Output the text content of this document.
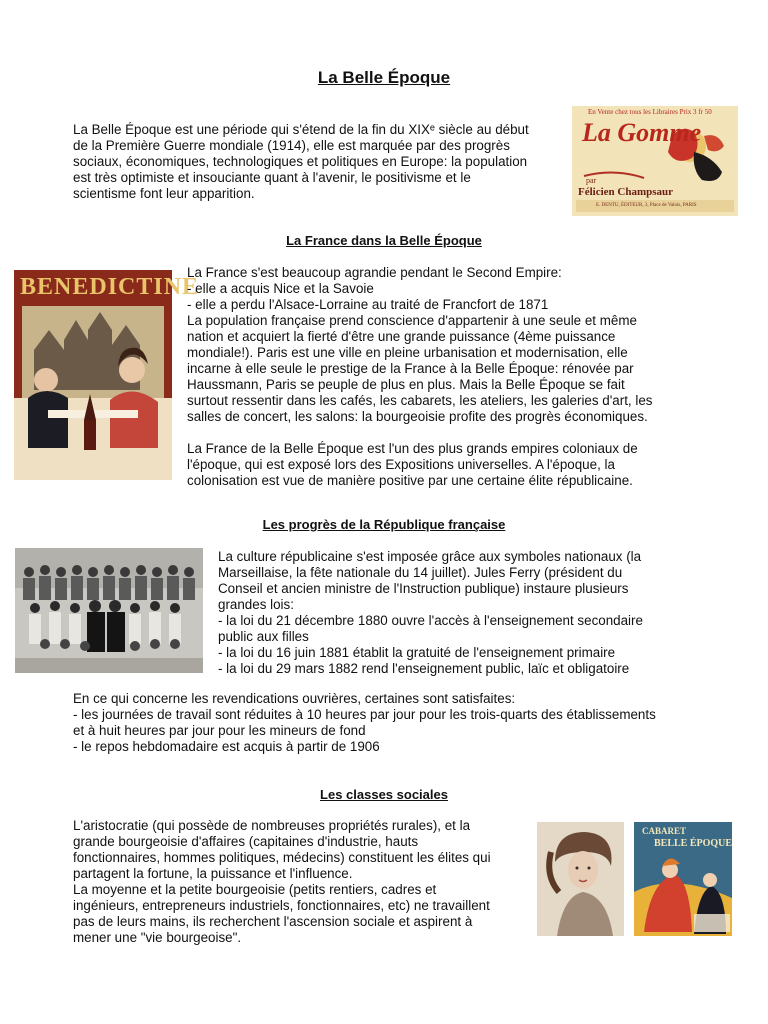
La Belle Époque
La Belle Époque est une période qui s'étend de la fin du XIXᵉ siècle au début
de la Première Guerre mondiale (1914), elle est marquée par des progrès
sociaux, économiques, technologiques et politiques en Europe: la population
est très optimiste et insouciante quant à l'avenir, le positivisme et le
scientisme font leur apparition.
En Vente chez tous les Libraires Prix 3 fr 50
La Gomme
par
Félicien Champsaur
E. DENTU, ÉDITEUR, 3, Place de Valois, PARIS
La France dans la Belle Époque
BENEDICTINE
La France s'est beaucoup agrandie pendant le Second Empire:
- elle a acquis Nice et la Savoie
- elle a perdu l'Alsace-Lorraine au traité de Francfort de 1871
La population française prend conscience d'appartenir à une seule et même
nation et acquiert la fierté d'être une grande puissance (4ème puissance
mondiale!). Paris est une ville en pleine urbanisation et modernisation, elle
incarne à elle seule le prestige de la France à la Belle Époque: rénovée par
Haussmann, Paris se peuple de plus en plus. Mais la Belle Époque se fait
surtout ressentir dans les cafés, les cabarets, les ateliers, les galeries d'art, les
salles de concert, les salons: la bourgeoisie profite des progrès économiques.
La France de la Belle Époque est l'un des plus grands empires coloniaux de
l'époque, qui est exposé lors des Expositions universelles. A l'époque, la
colonisation est vue de manière positive par une certaine élite républicaine.
Les progrès de la République française
La culture républicaine s'est imposée grâce aux symboles nationaux (la
Marseillaise, la fête nationale du 14 juillet). Jules Ferry (président du
Conseil et ancien ministre de l'Instruction publique) instaure plusieurs
grandes lois:
- la loi du 21 décembre 1880 ouvre l'accès à l'enseignement secondaire
public aux filles
- la loi du 16 juin 1881 établit la gratuité de l'enseignement primaire
- la loi du 29 mars 1882 rend l'enseignement public, laïc et obligatoire
En ce qui concerne les revendications ouvrières, certaines sont satisfaites:
- les journées de travail sont réduites à 10 heures par jour pour les trois-quarts des établissements
et à huit heures par jour pour les mineurs de fond
- le repos hebdomadaire est acquis à partir de 1906
Les classes sociales
L'aristocratie (qui possède de nombreuses propriétés rurales), et la
grande bourgeoisie d'affaires (capitaines d'industrie, hauts
fonctionnaires, hommes politiques, médecins) constituent les élites qui
partagent la fortune, la puissance et l'influence.
La moyenne et la petite bourgeoisie (petits rentiers, cadres et
ingénieurs, entrepreneurs industriels, fonctionnaires, etc) ne travaillent
pas de leurs mains, ils recherchent l'ascension sociale et aspirent à
mener une "vie bourgeoise".
CABARET
BELLE ÉPOQUE
